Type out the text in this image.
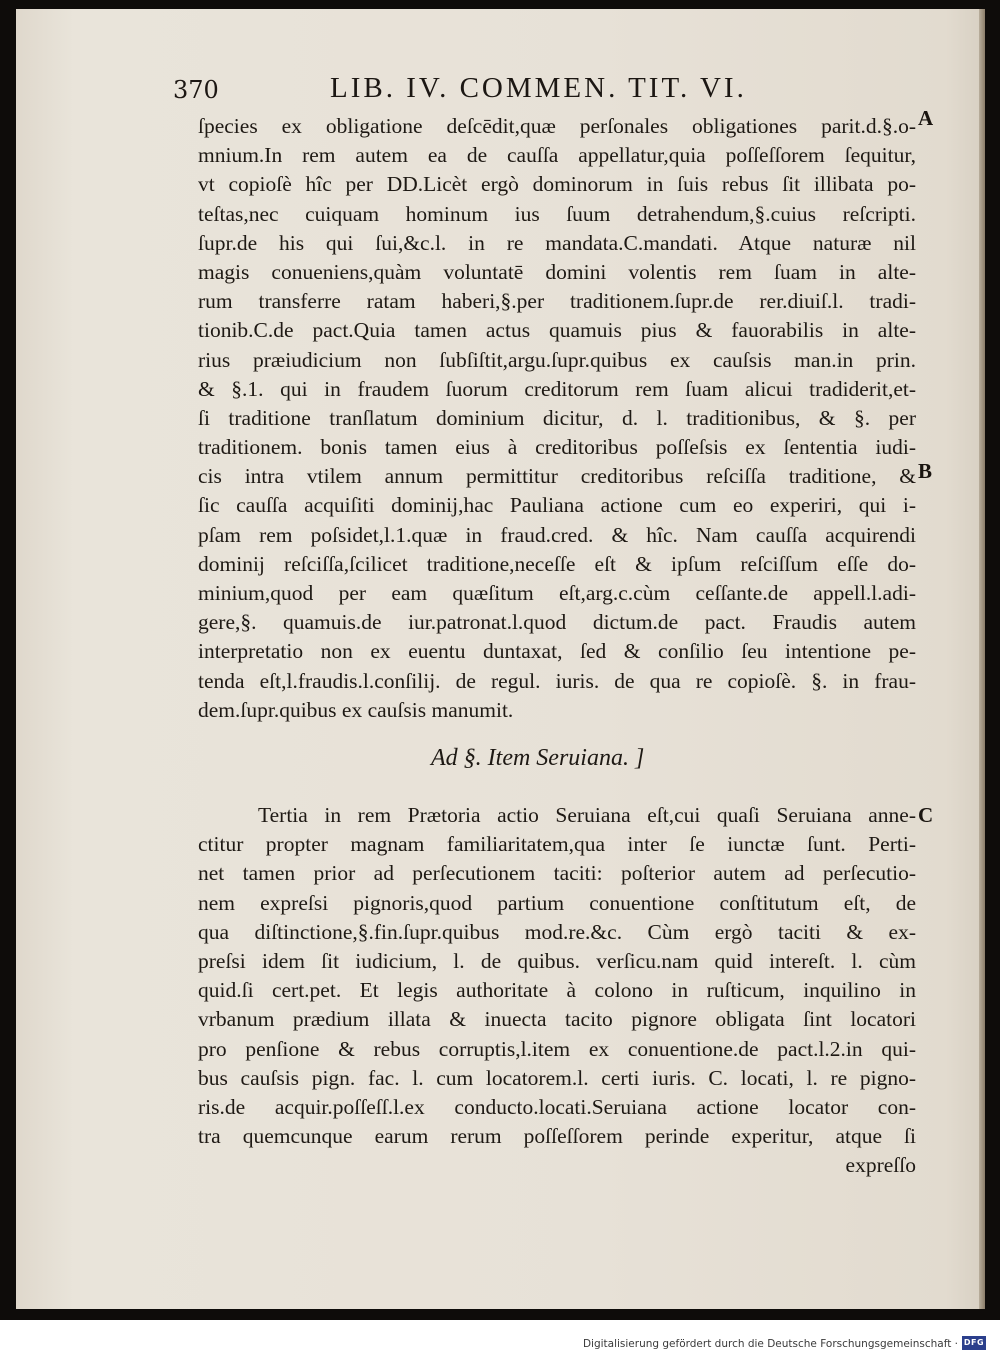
370	LIB. IV. COMMEN. TIT. VI.
A
B
C
ſpecies ex obligatione deſcēdit,quæ perſonales obligationes parit.d.§.o-
mnium.In rem autem ea de cauſſa appellatur,quia poſſeſſorem ſequitur,
vt copioſè hîc per DD.Licèt ergò dominorum in ſuis rebus ſit illibata po-
teſtas,nec cuiquam hominum ius ſuum detrahendum,§.cuius reſcripti.
ſupr.de his qui ſui,&c.l. in re mandata.C.mandati. Atque naturæ nil
magis conueniens,quàm voluntatē domini volentis rem ſuam in alte-
rum transferre ratam haberi,§.per traditionem.ſupr.de rer.diuiſ.l. tradi-
tionib.C.de pact.Quia tamen actus quamuis pius & fauorabilis in alte-
rius præiudicium non ſubſiſtit,argu.ſupr.quibus ex cauſsis man.in prin.
& §.1. qui in fraudem ſuorum creditorum rem ſuam alicui tradiderit,et-
ſi traditione tranſlatum dominium dicitur, d. l. traditionibus, & §. per
traditionem. bonis tamen eius à creditoribus poſſeſsis ex ſententia iudi-
cis intra vtilem annum permittitur creditoribus reſciſſa traditione, &
ſic cauſſa acquiſiti dominij,hac Pauliana actione cum eo experiri, qui i-
pſam rem poſsidet,l.1.quæ in fraud.cred. & hîc. Nam cauſſa acquirendi
dominij reſciſſa,ſcilicet traditione,neceſſe eſt & ipſum reſciſſum eſſe do-
minium,quod per eam quæſitum eſt,arg.c.cùm ceſſante.de appell.l.adi-
gere,§. quamuis.de iur.patronat.l.quod dictum.de pact. Fraudis autem
interpretatio non ex euentu duntaxat, ſed & conſilio ſeu intentione pe-
tenda eſt,l.fraudis.l.conſilij. de regul. iuris. de qua re copioſè. §. in frau-
dem.ſupr.quibus ex cauſsis manumit.
Ad §. Item Seruiana. ]
Tertia in rem Prætoria actio Seruiana eſt,cui quaſi Seruiana anne-
ctitur propter magnam familiaritatem,qua inter ſe iunctæ ſunt. Perti-
net tamen prior ad perſecutionem taciti: poſterior autem ad perſecutio-
nem expreſsi pignoris,quod partium conuentione conſtitutum eſt, de
qua diſtinctione,§.fin.ſupr.quibus mod.re.&c. Cùm ergò taciti & ex-
preſsi idem ſit iudicium, l. de quibus. verſicu.nam quid intereſt. l. cùm
quid.ſi cert.pet. Et legis authoritate à colono in ruſticum, inquilino in
vrbanum prædium illata & inuecta tacito pignore obligata ſint locatori
pro penſione & rebus corruptis,l.item ex conuentione.de pact.l.2.in qui-
bus cauſsis pign. fac. l. cum locatorem.l. certi iuris. C. locati, l. re pigno-
ris.de acquir.poſſeſſ.l.ex conducto.locati.Seruiana actione locator con-
tra quemcunque earum rerum poſſeſſorem perinde experitur, atque ſi
expreſſo
Digitalisierung gefördert durch die Deutsche Forschungsgemeinschaft · DFG
